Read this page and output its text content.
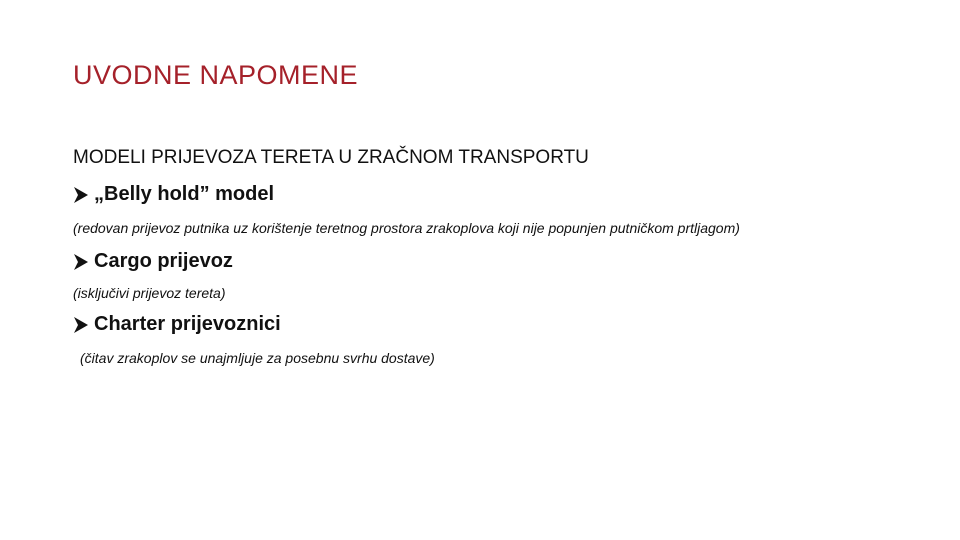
UVODNE NAPOMENE
MODELI PRIJEVOZA TERETA U ZRAČNOM TRANSPORTU
„Belly hold” model
(redovan prijevoz putnika uz korištenje teretnog prostora zrakoplova koji nije popunjen putničkom prtljagom)
Cargo prijevoz
(isključivi prijevoz tereta)
Charter prijevoznici
(čitav zrakoplov se unajmljuje za posebnu svrhu dostave)
